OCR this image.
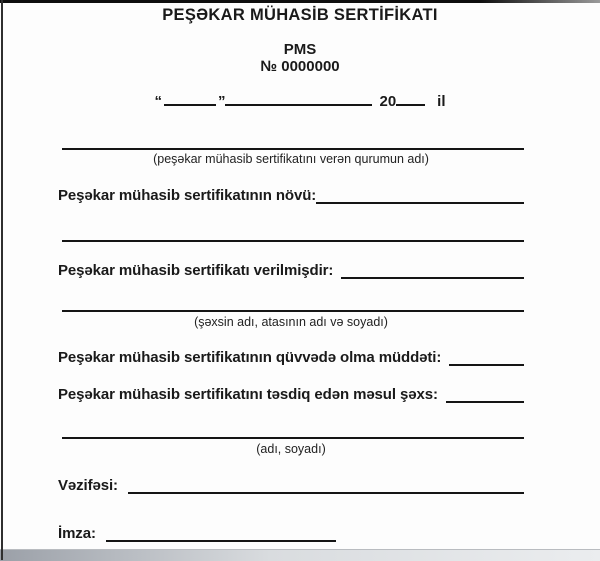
PEŞƏKAR MÜHASİB SERTİFİKATI
PMS
№ 0000000
“	”	20	il
(peşəkar mühasib sertifikatını verən qurumun adı)
Peşəkar mühasib sertifikatının növü:
Peşəkar mühasib sertifikatı verilmişdir:
(şəxsin adı, atasının adı və soyadı)
Peşəkar mühasib sertifikatının qüvvədə olma müddəti:
Peşəkar mühasib sertifikatını təsdiq edən məsul şəxs:
(adı, soyadı)
Vəzifəsi:
İmza:
